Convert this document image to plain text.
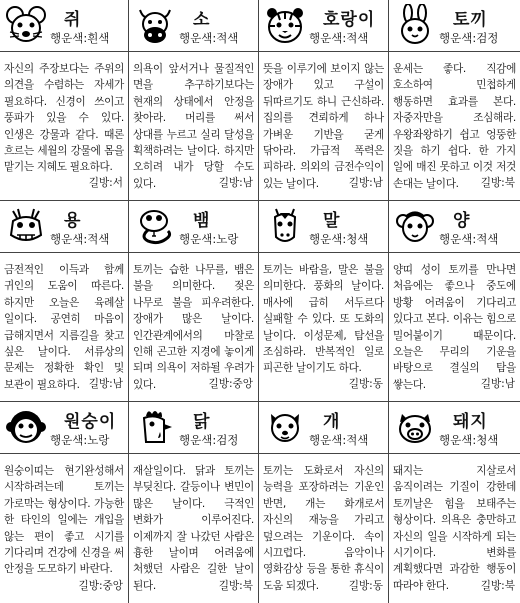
쥐
행운색:흰색
자신의 주장보다는 주위의 의견을 수렴하는 자세가 필요하다. 신경이 쓰이고 풍파가 있을 수 있다. 인생은 강물과 같다. 때론 흐르는 세월의 강물에 몸을 맡기는 지혜도 필요하다.
길방:서
소
행운색:적색
의욕이 앞서거나 물질적인 면을 추구하기보다는 현재의 상태에서 안정을 찾아라. 머리를 써서 상대를 누르고 실리 달성을 획책하려는 날이다. 하지만 오히려 내가 당할 수도 있다.	길방:남
호랑이
행운색:적색
뜻을 이루기에 보이지 않는 장애가 있고 구설이 뒤따르기도 하니 근신하라. 집의를 견뢰하게 하나 가벼운 기반을 굳게 닦아라. 가급적 폭력은 피하라. 의외의 금전수익이 있는 날이다.	길방:남
토끼
행운색:검정
운세는 좋다. 직감에 호소하여 민첩하게 행동하면 효과를 본다. 자중자만을 조심해라. 우왕좌왕하기 쉽고 엉뚱한 짓을 하기 쉽다. 한 가지 일에 매진 못하고 이것 저것 손대는 날이다.	길방:북
용
행운색:적색
금전적인 이득과 함께 귀인의 도움이 따른다. 하지만 오늘은 육례살 일이다. 공연히 마음이 급해지면서 지름길을 찾고 싶은 날이다. 서류상의 문제는 정확한 확인 및 보관이 필요하다. 길방:남
뱀
행운색:노랑
토끼는 습한 나무를, 뱀은 불을 의미한다. 젖은 나무로 불을 피우려한다. 장애가 많은 날이다. 인간관계에서의 마찰로 인해 곤고한 지경에 놓이게 되며 의욕이 저하될 우려가 있다.	길방:중앙
말
행운색:청색
토끼는 바람을, 말은 불을 의미한다. 풍화의 날이다. 매사에 급히 서두르다 실패할 수 있다. 또 도화의 날이다. 이성문제, 탐선을 조심하라. 반복적인 일로 피곤한 날이기도 하다.
길방:동
양
행운색:적색
양띠 성이 토끼를 만나면 처음에는 좋으나 중도에 방황 어려움이 기다리고 있다고 본다. 이유는 힘으로 밀어붙이기 때문이다. 오늘은 무리의 기운을 바탕으로 결실의 탐을 쌓는다.	길방:남
원숭이
행운색:노랑
원숭이띠는 현기완성해서 시작하려는데 토끼는 가로막는 형상이다. 가능한 한 타인의 일에는 개입을 않는 편이 좋고 시기를 기다리며 건강에 신경을 써 안정을 도모하기 바란다.
길방:중앙
닭
행운색:검정
재살일이다. 닭과 토끼는 부딪친다. 갈등이나 변민이 많은 날이다. 극적인 변화가 이루어진다. 이제까지 잘 나갔던 사람은 흉한 날이며 어려움에 처했던 사람은 길한 날이 된다.	길방:북
개
행운색:적색
토끼는 도화로서 자신의 능력을 포장하려는 기운인 반면, 개는 화개로서 자신의 재능을 가리고 덮으려는 기운이다. 속이 시끄럽다. 음악이나 영화감상 등을 통한 휴식이 도움 되겠다.	길방:동
돼지
행운색:청색
돼지는 지살로서 움직이려는 기질이 강한데 토끼날은 힘을 보태주는 형상이다. 의욕은 충만하고 자신의 일을 시작하게 되는 시기이다. 변화를 계획했다면 과감한 행동이 따라야 한다.	길방:북
